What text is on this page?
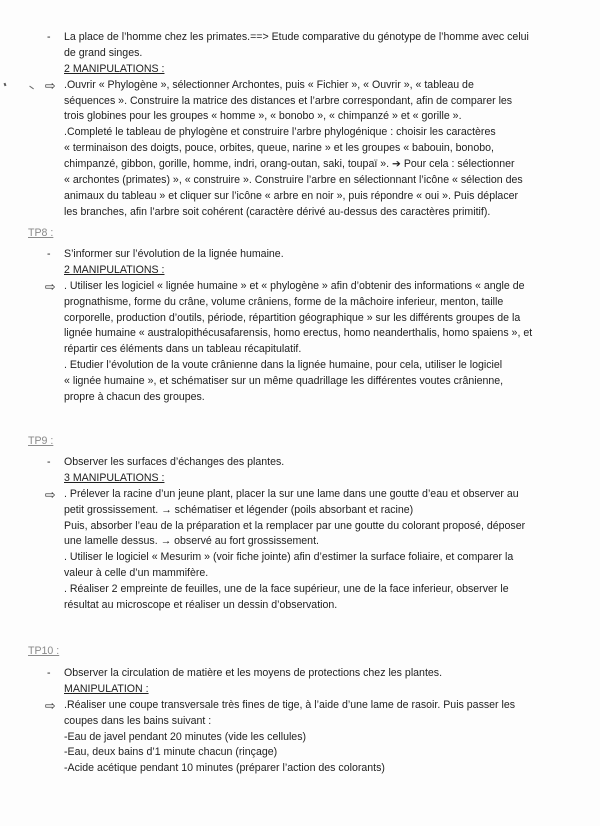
- La place de l’homme chez les primates.==> Etude comparative du génotype de l’homme avec celui
de grand singes.
2 MANIPULATIONS :
⇨ .Ouvrir « Phylogène », sélectionner Archontes, puis « Fichier », « Ouvrir », « tableau de
séquences ». Construire la matrice des distances et l’arbre correspondant, afin de comparer les
trois globines pour les groupes « homme », « bonobo », « chimpanzé » et « gorille ».
.Completé le tableau de phylogène et construire l’arbre phylogénique : choisir les caractères
« terminaison des doigts, pouce, orbites, queue, narine » et les groupes « babouin, bonobo,
chimpanzé, gibbon, gorille, homme, indri, orang-outan, saki, toupaï ». ➔ Pour cela : sélectionner
« archontes (primates) », « construire ». Construire l’arbre en sélectionnant l’icône « sélection des
animaux du tableau » et cliquer sur l’icône « arbre en noir », puis répondre « oui ». Puis déplacer
les branches, afin l’arbre soit cohérent (caractère dérivé au-dessus des caractères primitif).
TP8 :
- S’informer sur l’évolution de la lignée humaine.
2 MANIPULATIONS :
⇨ . Utiliser les logiciel « lignée humaine » et « phylogène » afin d’obtenir des informations « angle de
prognathisme, forme du crâne, volume crâniens, forme de la mâchoire inferieur, menton, taille
corporelle, production d’outils, période, répartition géographique » sur les différents groupes de la
lignée humaine « australopithécusafarensis, homo erectus, homo neanderthalis, homo spaiens », et
répartir ces éléments dans un tableau récapitulatif.
. Etudier l’évolution de la voute crânienne dans la lignée humaine, pour cela, utiliser le logiciel
« lignée humaine », et schématiser sur un même quadrillage les différentes voutes crânienne,
propre à chacun des groupes.
TP9 :
- Observer les surfaces d’échanges des plantes.
3 MANIPULATIONS :
⇨ . Prélever la racine d’un jeune plant, placer la sur une lame dans une goutte d’eau et observer au
petit grossissement. → schématiser et légender (poils absorbant et racine)
Puis, absorber l’eau de la préparation et la remplacer par une goutte du colorant proposé, déposer
une lamelle dessus. → observé au fort grossissement.
. Utiliser le logiciel « Mesurim » (voir fiche jointe) afin d’estimer la surface foliaire, et comparer la
valeur à celle d’un mammifère.
. Réaliser 2 empreinte de feuilles, une de la face supérieur, une de la face inferieur, observer le
résultat au microscope et réaliser un dessin d’observation.
TP10 :
- Observer la circulation de matière et les moyens de protections chez les plantes.
MANIPULATION :
⇨ .Réaliser une coupe transversale très fines de tige, à l’aide d’une lame de rasoir. Puis passer les
coupes dans les bains suivant :
-Eau de javel pendant 20 minutes (vide les cellules)
-Eau, deux bains d’1 minute chacun (rinçage)
-Acide acétique pendant 10 minutes (préparer l’action des colorants)
